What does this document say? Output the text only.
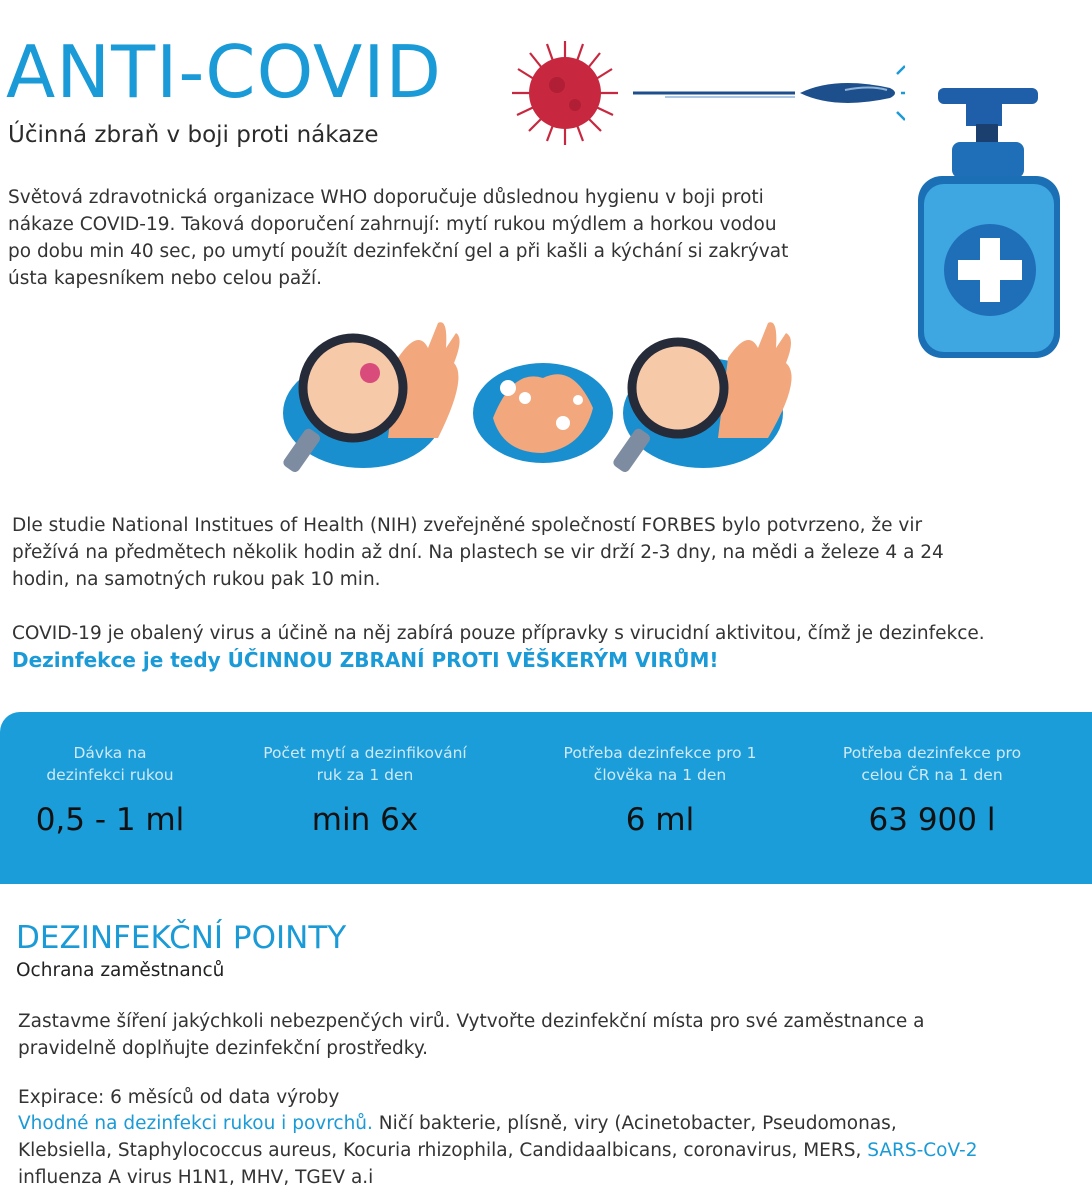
ANTI-COVID
Účinná zbraň v boji proti nákaze
Světová zdravotnická organizace WHO doporučuje důslednou hygienu v boji proti
nákaze COVID-19. Taková doporučení zahrnují: mytí rukou mýdlem a horkou vodou
po dobu min 40 sec, po umytí použít dezinfekční gel a při kašli a kýchání si zakrývat
ústa kapesníkem nebo celou paží.
Dle studie National Institues of Health (NIH) zveřejněné společností FORBES bylo potvrzeno, že vir
přežívá na předmětech několik hodin až dní. Na plastech se vir drží 2-3 dny, na mědi a železe 4 a 24
hodin, na samotných rukou pak 10 min.
COVID-19 je obalený virus a účině na něj zabírá pouze přípravky s virucidní aktivitou, čímž je dezinfekce.
Dezinfekce je tedy ÚČINNOU ZBRANÍ PROTI VĚŠKERÝM VIRŮM!
Dávka na
dezinfekci rukou
0,5 - 1 ml
Počet mytí a dezinfikování
ruk za 1 den
min 6x
Potřeba dezinfekce pro 1
člověka na 1 den
6 ml
Potřeba dezinfekce pro
celou ČR na 1 den
63 900 l
DEZINFEKČNÍ POINTY
Ochrana zaměstnanců
Zastavme šíření jakýchkoli nebezpenčých virů. Vytvořte dezinfekční místa pro své zaměstnance a
pravidelně doplňujte dezinfekční prostředky.
Expirace: 6 měsíců od data výroby
Vhodné na dezinfekci rukou i povrchů. Ničí bakterie, plísně, viry (Acinetobacter, Pseudomonas,
Klebsiella, Staphylococcus aureus, Kocuria rhizophila, Candidaalbicans, coronavirus, MERS, SARS-CoV-2
influenza A virus H1N1, MHV, TGEV a.i
